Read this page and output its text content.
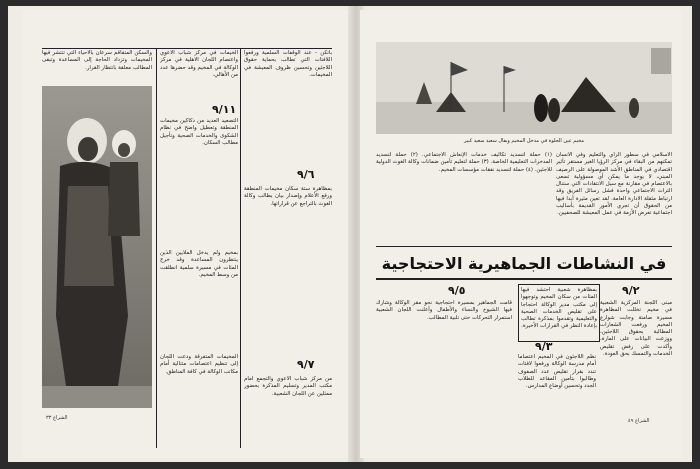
٩/١١
٩/٦
٩/٧
والسكن المتفاقم سرعان بالأحياء التي تنتشر فيها المخيمات وتزداد الحاجة إلى المساعدة وتبقى المطالب معلقة بانتظار القرار.
الخيمات في مركز شباب الأعوي واعتصام اللجان الاهلية في مركز الوكالة في المخيم وقد حضرها عدد من الأهالي.
باتكن - عند الوقفات السلمية ورفعوا اللافتات التي تطالب بحماية حقوق اللاجئين وتحسين ظروف المعيشة في المخيمات.
التصعيد العديد من دكاكين مخيمات المنطقة وتعطيل واضح في نظام الشكوى والخدمات الصحية وتأجيل مطالب السكان.
بمظاهرة ستة سكان مخيمات المنطقة ورفع الأعلام وإصدار بيان يطالب وكالة الغوث بالتراجع عن قراراتها.
بمخيم ولم يدخل الملايين الذين ينتظرون المساعدة وقد خرج المئات في مسيرة سلمية انطلقت من وسط المخيم.
المخيمات المتفرقة ودعت اللجان إلى تنظيم اعتصامات متتالية أمام مكاتب الوكالة في كافة المناطق.
من مركز شباب الأعوي والتجمع أمام مكتب المدير وتسليم المذكرة بحضور ممثلين عن اللجان الشعبية.
الشراع ٣٣
مخيم عين الحلوة في مدخل المخيم ويقال سعيد سعيد كبير
الاسلامي في سطور الرأي والتعليم وفي الانسان تمكنهم من البقاء في مركز الرؤيا الغير مستقر تأثير اقتصادي في المناطق الأشد الموصولة على الرصيف المبني، لا يوجد ما يمكن أي مسؤولية تسعى بالاعتصام في مقارنة مع سيل الانتقادات التي ستنال التراث الاجتماعي واحدة فشل رسائل الفريق وقد ارتباط مثقلة الادارة العامة. لقد تعين مثيرة أبدا فيها من الحقوق أن تجري الأمور القديمة بأساليب اجتماعية تعرض الأزمة في عمل المعيشة للصحفيين.
(١) حملة لتسديد تكاليف خدمات الإنعاش الاجتماعي. (٢) حملة لتسديد المدخرات التعليمية الخاصة. (٣) حملة لتعليم تأمين ضمانات وكالة الغوث الدولية للاجئين. (٤) حملة لتسديد نفقات مؤسسات المخيم.
في النشاطات الجماهيرية الاحتجاجية
٩/٢
٩/٥
٩/٣
مبنى اللجنة المركزية الشعبية في مخيم تخللت المظاهرة مسيرة صامتة وجابت شوارع المخيم ورفعت الشعارات المطالبة بحقوق اللاجئين، ووزعت البيانات على المارة، وأكدت على رفض تقليص الخدمات والتمسك بحق العودة.
بمظاهرة شعبية احتشد فيها المئات من سكان المخيم وتوجهوا إلى مكتب مدير الوكالة احتجاجا على تقليص الخدمات الصحية والتعليمية وتقدموا بمذكرة تطالب بإعادة النظر في القرارات الأخيرة.
نظم اللاجئون في المخيم اعتصاما أمام مدرسة الوكالة ورفعوا لافتات تندد بقرار تقليص عدد الصفوف وطالبوا بتأمين المقاعد للطلاب الجدد وتحسين أوضاع المدارس.
قامت الجماهير بمسيرة احتجاجية نحو مقر الوكالة وشارك فيها الشيوخ والنساء والأطفال وأعلنت اللجان الشعبية استمرار التحركات حتى تلبية المطالب.
الشراع ٤٩
